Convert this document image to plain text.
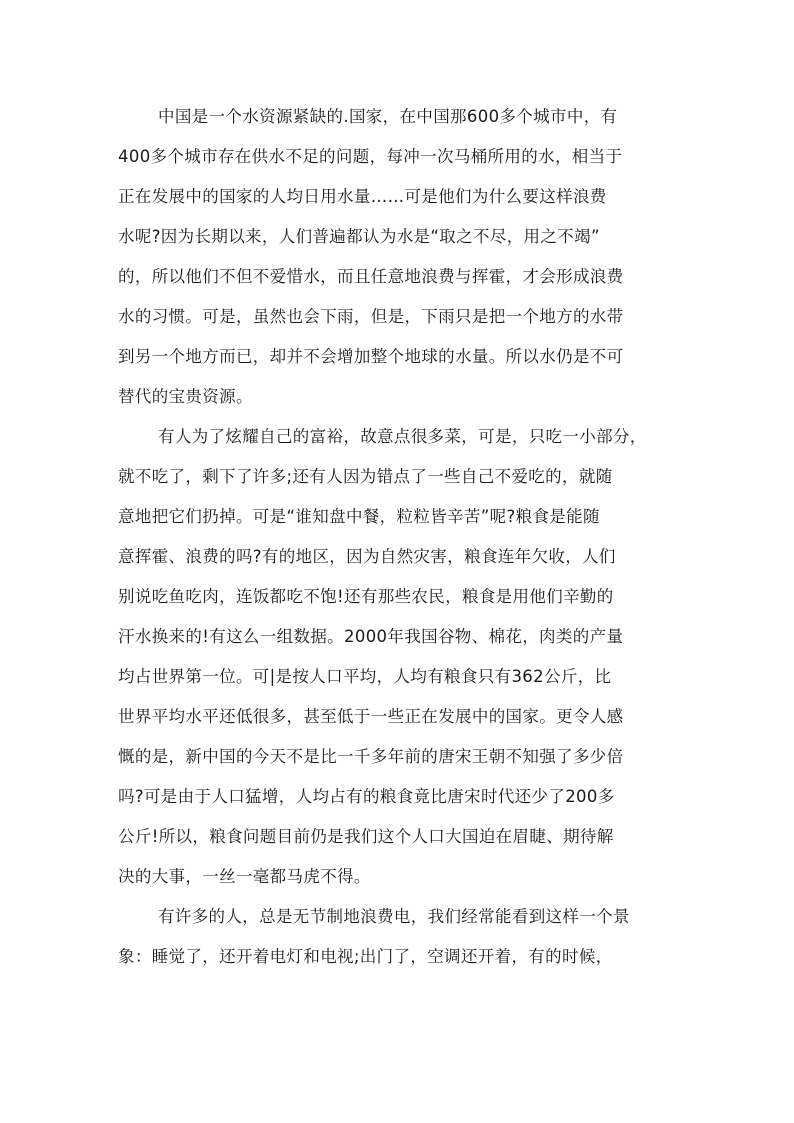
中国是一个水资源紧缺的.国家，在中国那600多个城市中，有
400多个城市存在供水不足的问题，每冲一次马桶所用的水，相当于
正在发展中的国家的人均日用水量……可是他们为什么要这样浪费
水呢?因为长期以来，人们普遍都认为水是“取之不尽，用之不竭”
的，所以他们不但不爱惜水，而且任意地浪费与挥霍，才会形成浪费
水的习惯。可是，虽然也会下雨，但是，下雨只是把一个地方的水带
到另一个地方而已，却并不会增加整个地球的水量。所以水仍是不可
替代的宝贵资源。
有人为了炫耀自己的富裕，故意点很多菜，可是，只吃一小部分，
就不吃了，剩下了许多;还有人因为错点了一些自己不爱吃的，就随
意地把它们扔掉。可是“谁知盘中餐，粒粒皆辛苦”呢?粮食是能随
意挥霍、浪费的吗?有的地区，因为自然灾害，粮食连年欠收，人们
别说吃鱼吃肉，连饭都吃不饱!还有那些农民，粮食是用他们辛勤的
汗水换来的!有这么一组数据。2000年我国谷物、棉花，肉类的产量
均占世界第一位。可|是按人口平均，人均有粮食只有362公斤，比
世界平均水平还低很多，甚至低于一些正在发展中的国家。更令人感
慨的是，新中国的今天不是比一千多年前的唐宋王朝不知强了多少倍
吗?可是由于人口猛增，人均占有的粮食竟比唐宋时代还少了200多
公斤!所以，粮食问题目前仍是我们这个人口大国迫在眉睫、期待解
决的大事，一丝一毫都马虎不得。
有许多的人，总是无节制地浪费电，我们经常能看到这样一个景
象：睡觉了，还开着电灯和电视;出门了，空调还开着，有的时候，
